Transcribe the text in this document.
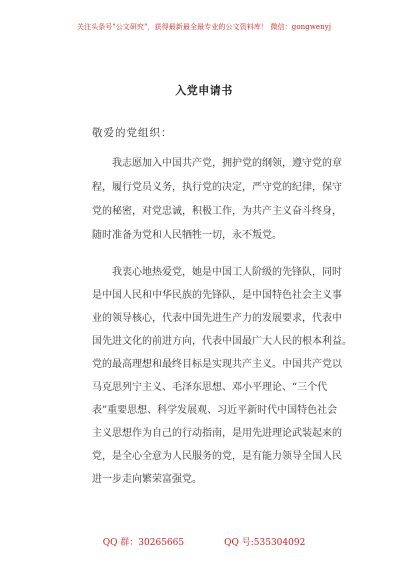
关注头条号"公文研究"，获得最新最全最专业的公文资料库！ 微信：gongwenyj
入党申请书
敬爱的党组织：
我志愿加入中国共产党，拥护党的纲领，遵守党的章
程，履行党员义务，执行党的决定，严守党的纪律，保守
党的秘密，对党忠诚，积极工作，为共产主义奋斗终身，
随时准备为党和人民牺牲一切，永不叛党。
我衷心地热爱党，她是中国工人阶级的先锋队，同时
是中国人民和中华民族的先锋队，是中国特色社会主义事
业的领导核心，代表中国先进生产力的发展要求，代表中
国先进文化的前进方向，代表中国最广大人民的根本利益。
党的最高理想和最终目标是实现共产主义。中国共产党以
马克思列宁主义、毛泽东思想、邓小平理论、“三个代
表”重要思想、科学发展观、习近平新时代中国特色社会
主义思想作为自己的行动指南，是用先进理论武装起来的
党，是全心全意为人民服务的党，是有能力领导全国人民
进一步走向繁荣富强党。
QQ 群：30265665	QQ 号:535304092
